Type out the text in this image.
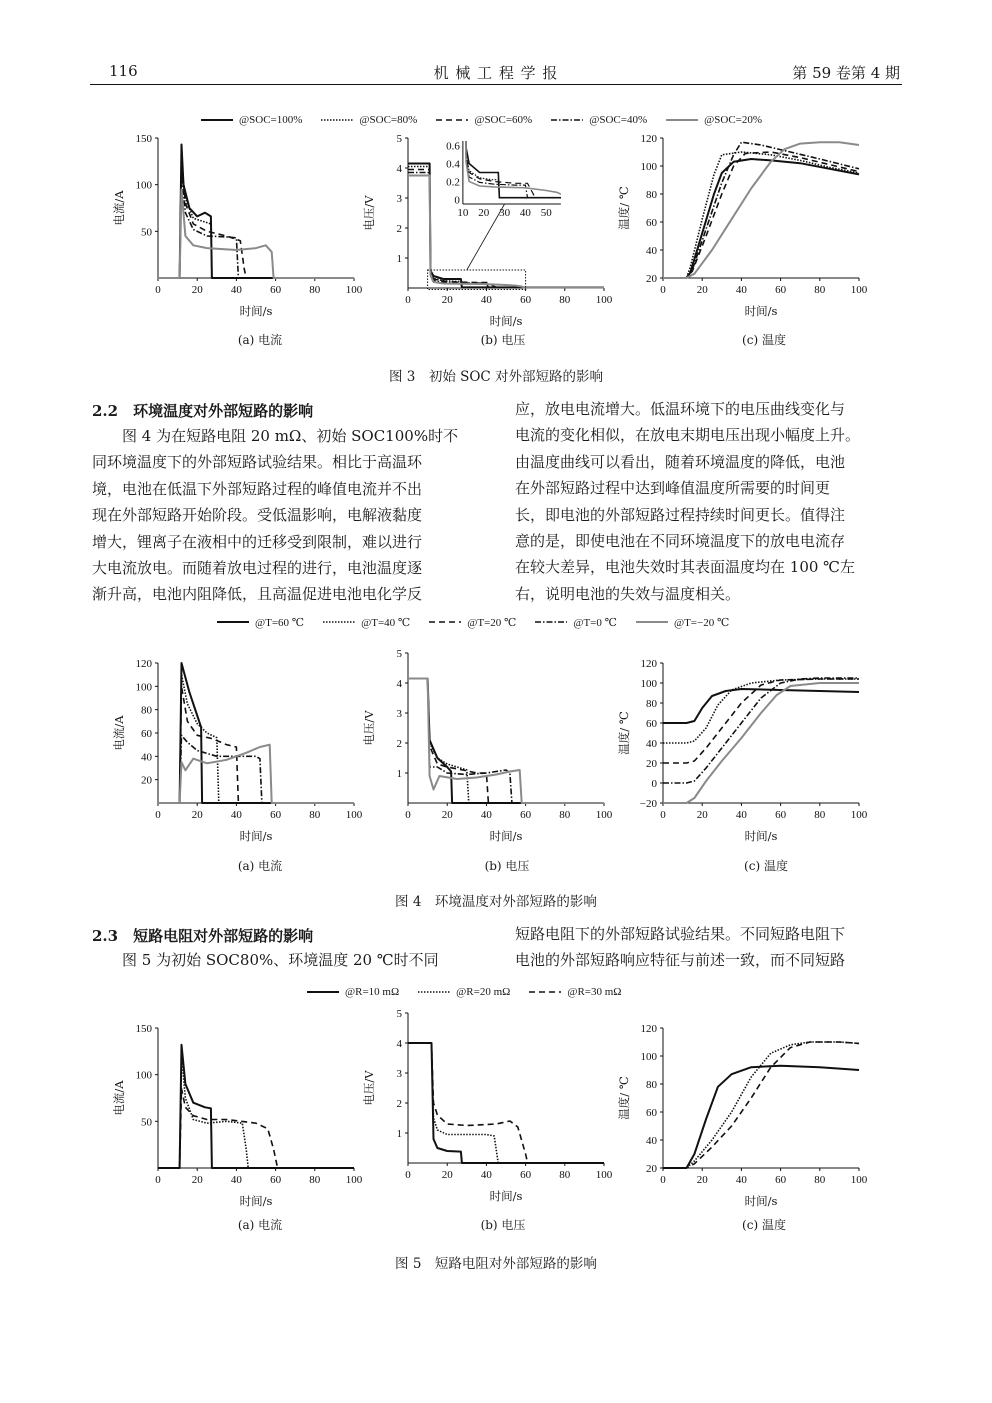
116	机 械 工 程 学 报	第 59 卷第 4 期
@SOC=100%	@SOC=80%	@SOC=60%	@SOC=40%	@SOC=20%
0	20	40	60	80 100
50
100
150
时间/s
电流/A
0	20	40	60	80 100
1
2
3
4
5
时间/s
电压/V	10 20 30 40 50
0
0.2
0.4
0.6
0	20	40	60	80 100
20
40
60
80
100
120
时间/s
温度/ ℃
(a) 电流	(b) 电压	(c) 温度
图 3　初始 SOC 对外部短路的影响
2.2　环境温度对外部短路的影响

　　图 4 为在短路电阻 20 mΩ、初始 SOC100%时不

同环境温度下的外部短路试验结果。相比于高温环

境，电池在低温下外部短路过程的峰值电流并不出

现在外部短路开始阶段。受低温影响，电解液黏度

增大，锂离子在液相中的迁移受到限制，难以进行

大电流放电。而随着放电过程的进行，电池温度逐

渐升高，电池内阻降低，且高温促进电池电化学反

应，放电电流增大。低温环境下的电压曲线变化与

电流的变化相似，在放电末期电压出现小幅度上升。

由温度曲线可以看出，随着环境温度的降低，电池

在外部短路过程中达到峰值温度所需要的时间更

长，即电池的外部短路过程持续时间更长。值得注

意的是，即使电池在不同环境温度下的放电电流存

在较大差异，电池失效时其表面温度均在 100 ℃左

右，说明电池的失效与温度相关。

@T=60 ℃	@T=40 ℃	@T=20 ℃	@T=0 ℃	@T=−20 ℃
0	20	40	60	80 100
20
40
60
80
100
120
时间/s
电流/A
0	20	40	60	80 100
1
2
3
4
5
时间/s
电压/V
0	20	40	60	80 100
−20
0
20
40
60
80
100
120
时间/s
温度/ ℃
(a) 电流	(b) 电压	(c) 温度
图 4　环境温度对外部短路的影响
2.3　短路电阻对外部短路的影响

　　图 5 为初始 SOC80%、环境温度 20 ℃时不同

短路电阻下的外部短路试验结果。不同短路电阻下

电池的外部短路响应特征与前述一致，而不同短路

@R=10 mΩ	@R=20 mΩ	@R=30 mΩ
0	20	40	60	80 100
50
100
150
时间/s
电流/A
0	20	40	60	80 100
1
2
3
4
5
时间/s
电压/V
0	20	40	60	80 100
20
40
60
80
100
120
时间/s
温度/ ℃
(a) 电流	(b) 电压	(c) 温度
图 5　短路电阻对外部短路的影响
